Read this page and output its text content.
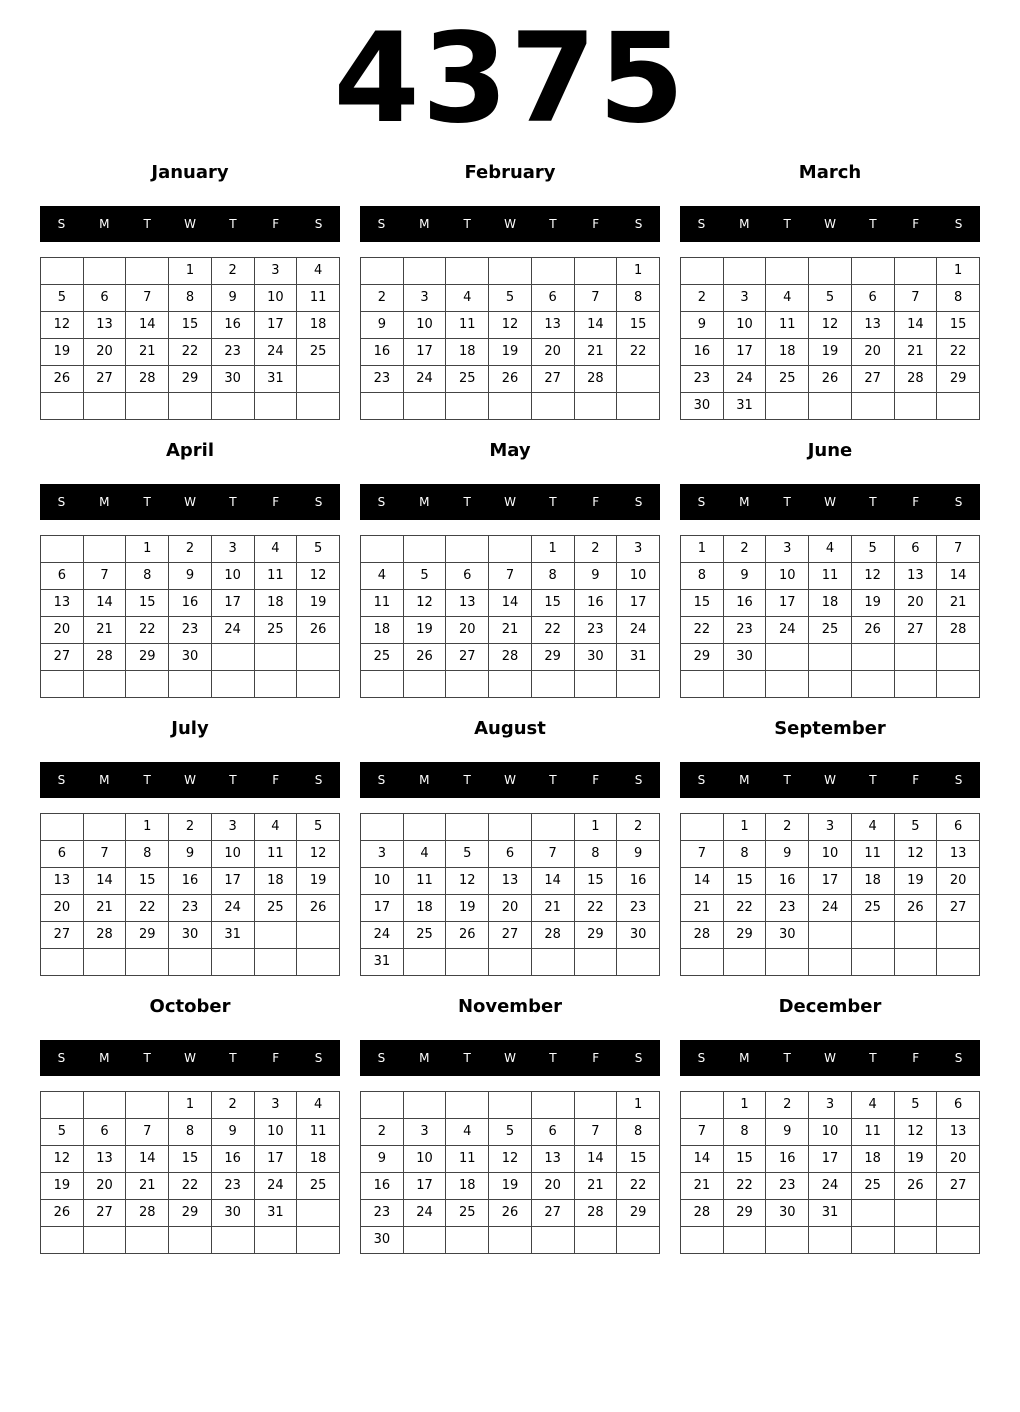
4375
January
S	M	T	W	T	F	S
			1	2	3	4
5	6	7	8	9	10	11
12	13	14	15	16	17	18
19	20	21	22	23	24	25
26	27	28	29	30	31	

February
S	M	T	W	T	F	S
						1
2	3	4	5	6	7	8
9	10	11	12	13	14	15
16	17	18	19	20	21	22
23	24	25	26	27	28	

March
S	M	T	W	T	F	S
						1
2	3	4	5	6	7	8
9	10	11	12	13	14	15
16	17	18	19	20	21	22
23	24	25	26	27	28	29
30	31					
April
S	M	T	W	T	F	S
		1	2	3	4	5
6	7	8	9	10	11	12
13	14	15	16	17	18	19
20	21	22	23	24	25	26
27	28	29	30			

May
S	M	T	W	T	F	S
				1	2	3
4	5	6	7	8	9	10
11	12	13	14	15	16	17
18	19	20	21	22	23	24
25	26	27	28	29	30	31

June
S	M	T	W	T	F	S
1	2	3	4	5	6	7
8	9	10	11	12	13	14
15	16	17	18	19	20	21
22	23	24	25	26	27	28
29	30					

July
S	M	T	W	T	F	S
		1	2	3	4	5
6	7	8	9	10	11	12
13	14	15	16	17	18	19
20	21	22	23	24	25	26
27	28	29	30	31		

August
S	M	T	W	T	F	S
					1	2
3	4	5	6	7	8	9
10	11	12	13	14	15	16
17	18	19	20	21	22	23
24	25	26	27	28	29	30
31						
September
S	M	T	W	T	F	S
	1	2	3	4	5	6
7	8	9	10	11	12	13
14	15	16	17	18	19	20
21	22	23	24	25	26	27
28	29	30				

October
S	M	T	W	T	F	S
			1	2	3	4
5	6	7	8	9	10	11
12	13	14	15	16	17	18
19	20	21	22	23	24	25
26	27	28	29	30	31	

November
S	M	T	W	T	F	S
						1
2	3	4	5	6	7	8
9	10	11	12	13	14	15
16	17	18	19	20	21	22
23	24	25	26	27	28	29
30						
December
S	M	T	W	T	F	S
	1	2	3	4	5	6
7	8	9	10	11	12	13
14	15	16	17	18	19	20
21	22	23	24	25	26	27
28	29	30	31			
